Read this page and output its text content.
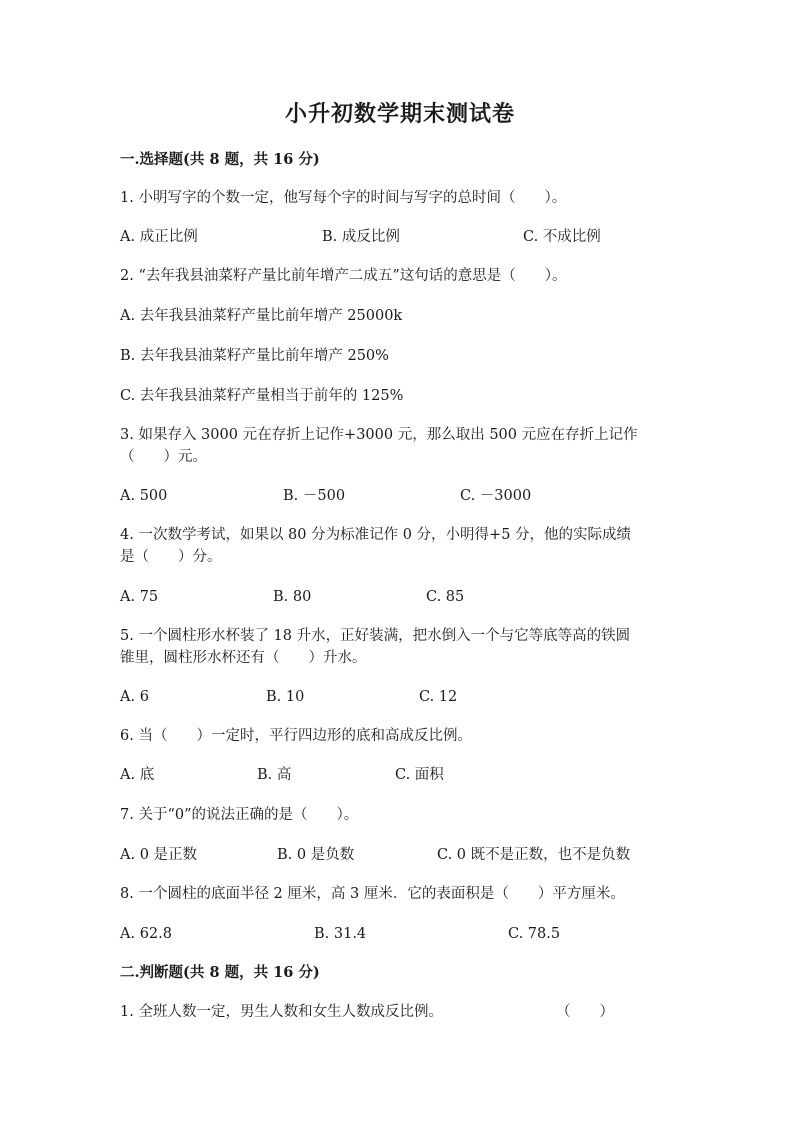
小升初数学期末测试卷
一.选择题(共 8 题，共 16 分)
1. 小明写字的个数一定，他写每个字的时间与写字的总时间（　　）。
A. 成正比例	B. 成反比例	C. 不成比例
2. “去年我县油菜籽产量比前年增产二成五”这句话的意思是（　　）。
A. 去年我县油菜籽产量比前年增产 25000k
B. 去年我县油菜籽产量比前年增产 250%
C. 去年我县油菜籽产量相当于前年的 125%
3. 如果存入 3000 元在存折上记作+3000 元，那么取出 500 元应在存折上记作
（　　）元。
A. 500	B. －500	C. －3000
4. 一次数学考试，如果以 80 分为标准记作 0 分，小明得+5 分，他的实际成绩
是（　　）分。
A. 75	B. 80	C. 85
5. 一个圆柱形水杯装了 18 升水，正好装满，把水倒入一个与它等底等高的铁圆
锥里，圆柱形水杯还有（　　）升水。
A. 6	B. 10	C. 12
6. 当（　　）一定时，平行四边形的底和高成反比例。
A. 底	B. 高	C. 面积
7. 关于“0”的说法正确的是（　　）。
A. 0 是正数	B. 0 是负数	C. 0 既不是正数，也不是负数
8. 一个圆柱的底面半径 2 厘米，高 3 厘米．它的表面积是（　　）平方厘米。
A. 62.8	B. 31.4	C. 78.5
二.判断题(共 8 题，共 16 分)
1. 全班人数一定，男生人数和女生人数成反比例。	（　　）
